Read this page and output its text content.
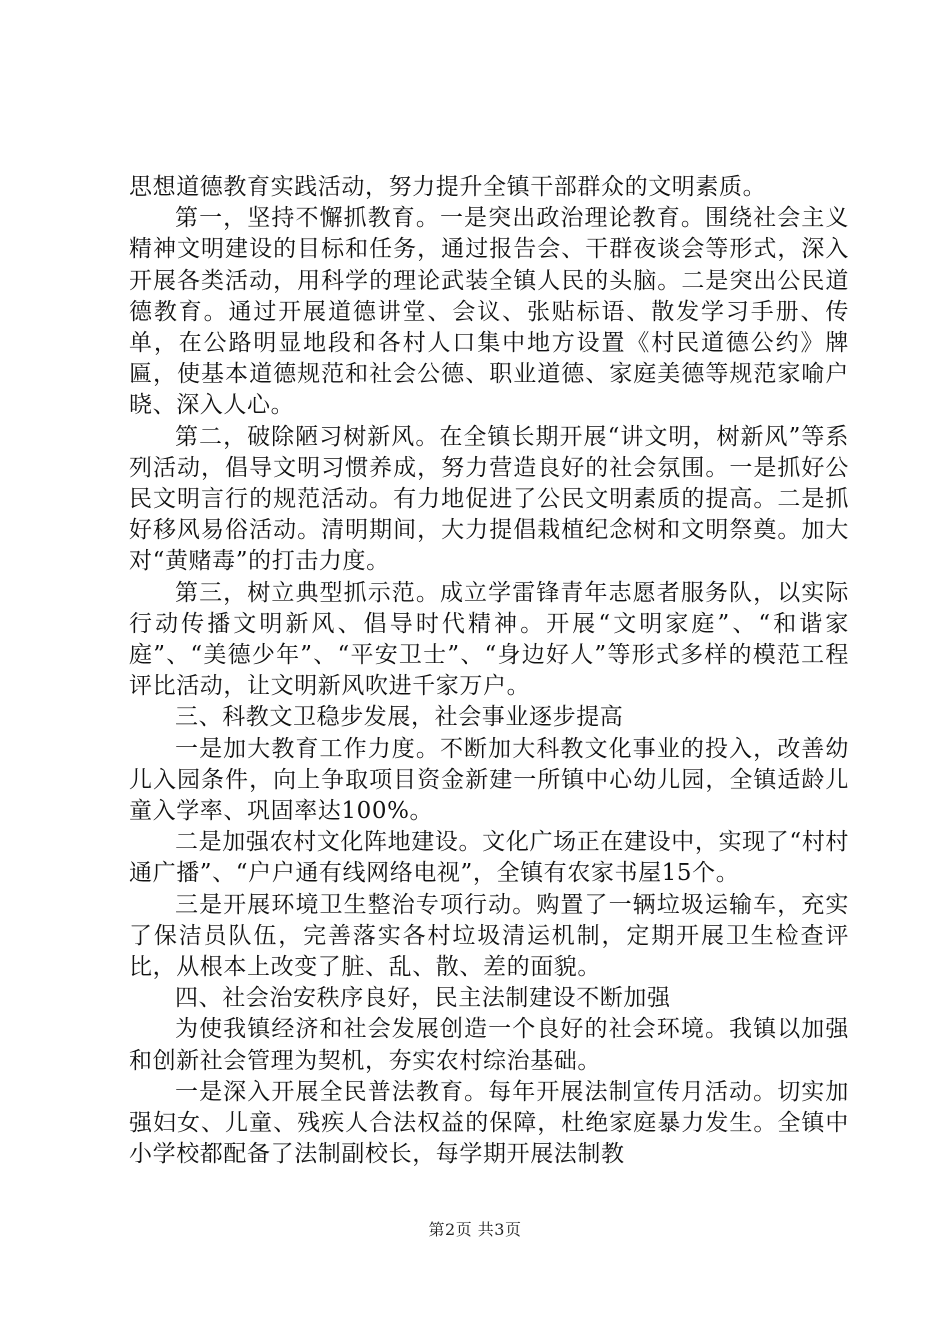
思想道德教育实践活动，努力提升全镇干部群众的文明素质。

第一，坚持不懈抓教育。一是突出政治理论教育。围绕社会主义精神文明建设的目标和任务，通过报告会、干群夜谈会等形式，深入开展各类活动，用科学的理论武装全镇人民的头脑。二是突出公民道德教育。通过开展道德讲堂、会议、张贴标语、散发学习手册、传单，在公路明显地段和各村人口集中地方设置《村民道德公约》牌匾，使基本道德规范和社会公德、职业道德、家庭美德等规范家喻户晓、深入人心。

第二，破除陋习树新风。在全镇长期开展“讲文明，树新风”等系列活动，倡导文明习惯养成，努力营造良好的社会氛围。一是抓好公民文明言行的规范活动。有力地促进了公民文明素质的提高。二是抓好移风易俗活动。清明期间，大力提倡栽植纪念树和文明祭奠。加大对“黄赌毒”的打击力度。

第三，树立典型抓示范。成立学雷锋青年志愿者服务队，以实际行动传播文明新风、倡导时代精神。开展“文明家庭”、“和谐家庭”、“美德少年”、“平安卫士”、“身边好人”等形式多样的模范工程评比活动，让文明新风吹进千家万户。

三、科教文卫稳步发展，社会事业逐步提高

一是加大教育工作力度。不断加大科教文化事业的投入，改善幼儿入园条件，向上争取项目资金新建一所镇中心幼儿园，全镇适龄儿童入学率、巩固率达100%。

二是加强农村文化阵地建设。文化广场正在建设中，实现了“村村通广播”、“户户通有线网络电视”，全镇有农家书屋15个。

三是开展环境卫生整治专项行动。购置了一辆垃圾运输车，充实了保洁员队伍，完善落实各村垃圾清运机制，定期开展卫生检查评比，从根本上改变了脏、乱、散、差的面貌。

四、社会治安秩序良好，民主法制建设不断加强

为使我镇经济和社会发展创造一个良好的社会环境。我镇以加强和创新社会管理为契机，夯实农村综治基础。

一是深入开展全民普法教育。每年开展法制宣传月活动。切实加强妇女、儿童、残疾人合法权益的保障，杜绝家庭暴力发生。全镇中小学校都配备了法制副校长，每学期开展法制教

第2页 共3页
